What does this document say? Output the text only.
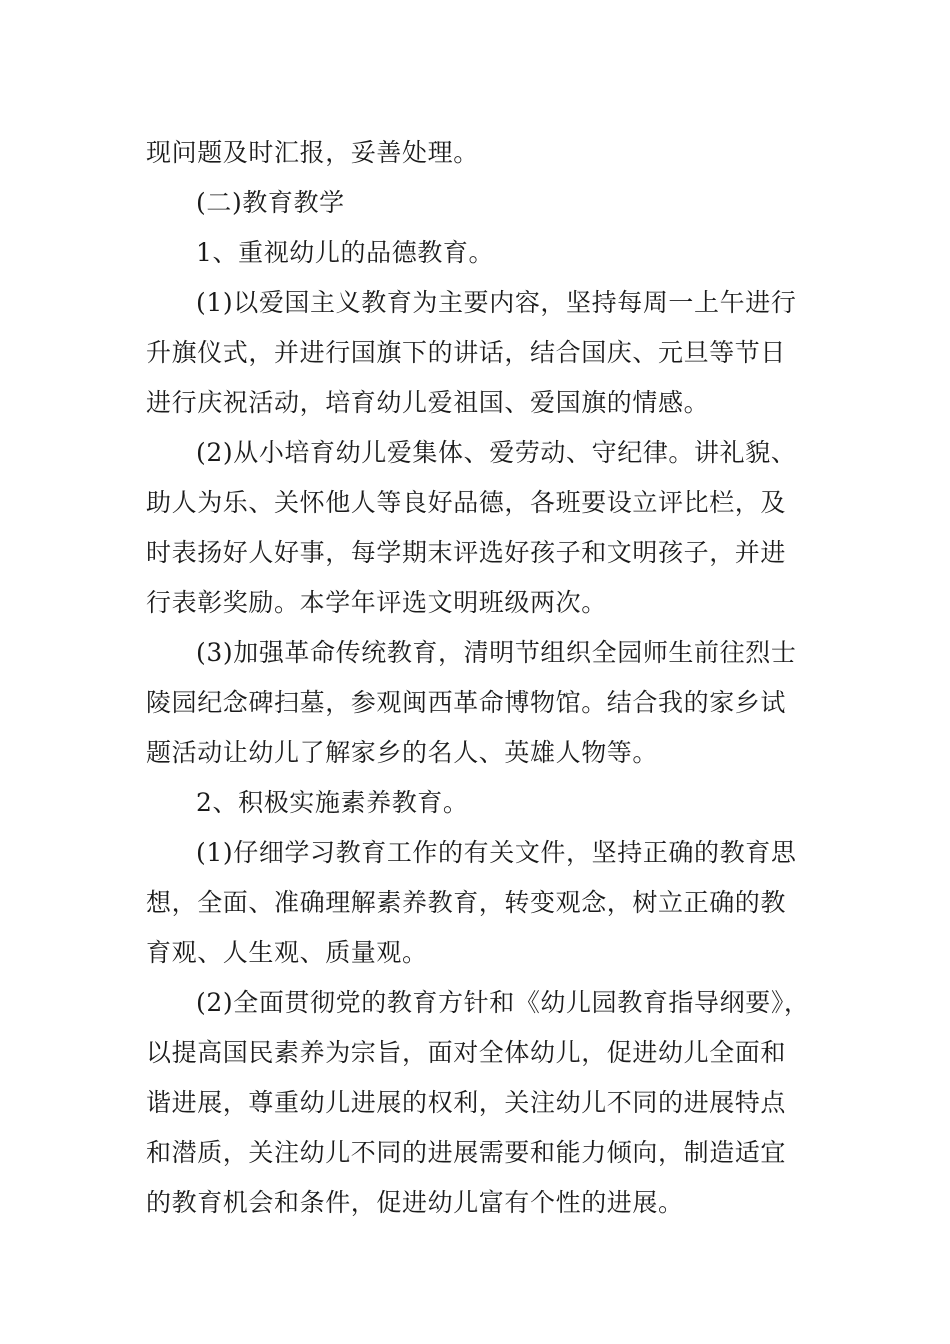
现问题及时汇报，妥善处理。
(二)教育教学
1、重视幼儿的品德教育。
(1)以爱国主义教育为主要内容，坚持每周一上午进行
升旗仪式，并进行国旗下的讲话，结合国庆、元旦等节日
进行庆祝活动，培育幼儿爱祖国、爱国旗的情感。
(2)从小培育幼儿爱集体、爱劳动、守纪律。讲礼貌、
助人为乐、关怀他人等良好品德，各班要设立评比栏，及
时表扬好人好事，每学期末评选好孩子和文明孩子，并进
行表彰奖励。本学年评选文明班级两次。
(3)加强革命传统教育，清明节组织全园师生前往烈士
陵园纪念碑扫墓，参观闽西革命博物馆。结合我的家乡试
题活动让幼儿了解家乡的名人、英雄人物等。
2、积极实施素养教育。
(1)仔细学习教育工作的有关文件，坚持正确的教育思
想，全面、准确理解素养教育，转变观念，树立正确的教
育观、人生观、质量观。
(2)全面贯彻党的教育方针和《幼儿园教育指导纲要》，
以提高国民素养为宗旨，面对全体幼儿，促进幼儿全面和
谐进展，尊重幼儿进展的权利，关注幼儿不同的进展特点
和潜质，关注幼儿不同的进展需要和能力倾向，制造适宜
的教育机会和条件，促进幼儿富有个性的进展。
